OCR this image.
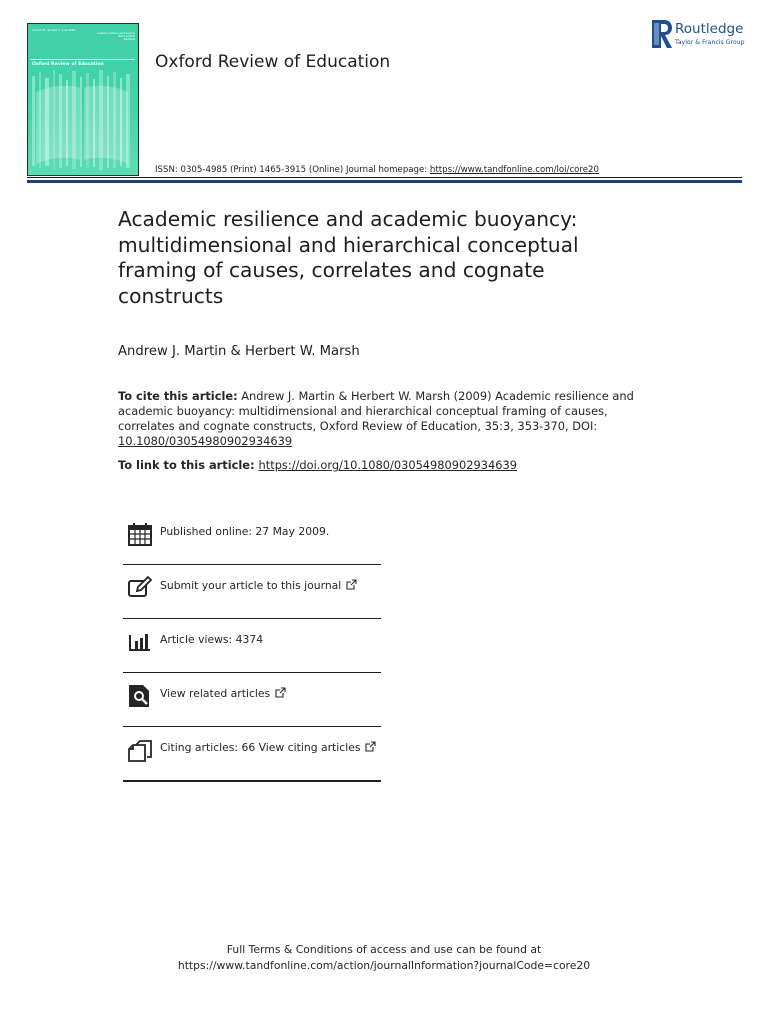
Volume 35 · Number 3 · June 2009
Academic resilience and buoyancy
Martin & Marsh
Routledge
Oxford Review of Education	Oxford Review of Education
Routledge
Taylor & Francis Group
ISSN: 0305-4985 (Print) 1465-3915 (Online) Journal homepage: https://www.tandfonline.com/loi/core20
Academic resilience and academic buoyancy: multidimensional and hierarchical conceptual framing of causes, correlates and cognate constructs
Andrew J. Martin & Herbert W. Marsh
To cite this article: Andrew J. Martin & Herbert W. Marsh (2009) Academic resilience and academic buoyancy: multidimensional and hierarchical conceptual framing of causes, correlates and cognate constructs, Oxford Review of Education, 35:3, 353-370, DOI: 10.1080/03054980902934639
To link to this article: https://doi.org/10.1080/03054980902934639
Published online: 27 May 2009.
Submit your article to this journal
Article views: 4374
View related articles
Citing articles: 66 View citing articles
Full Terms & Conditions of access and use can be found at
https://www.tandfonline.com/action/journalInformation?journalCode=core20
